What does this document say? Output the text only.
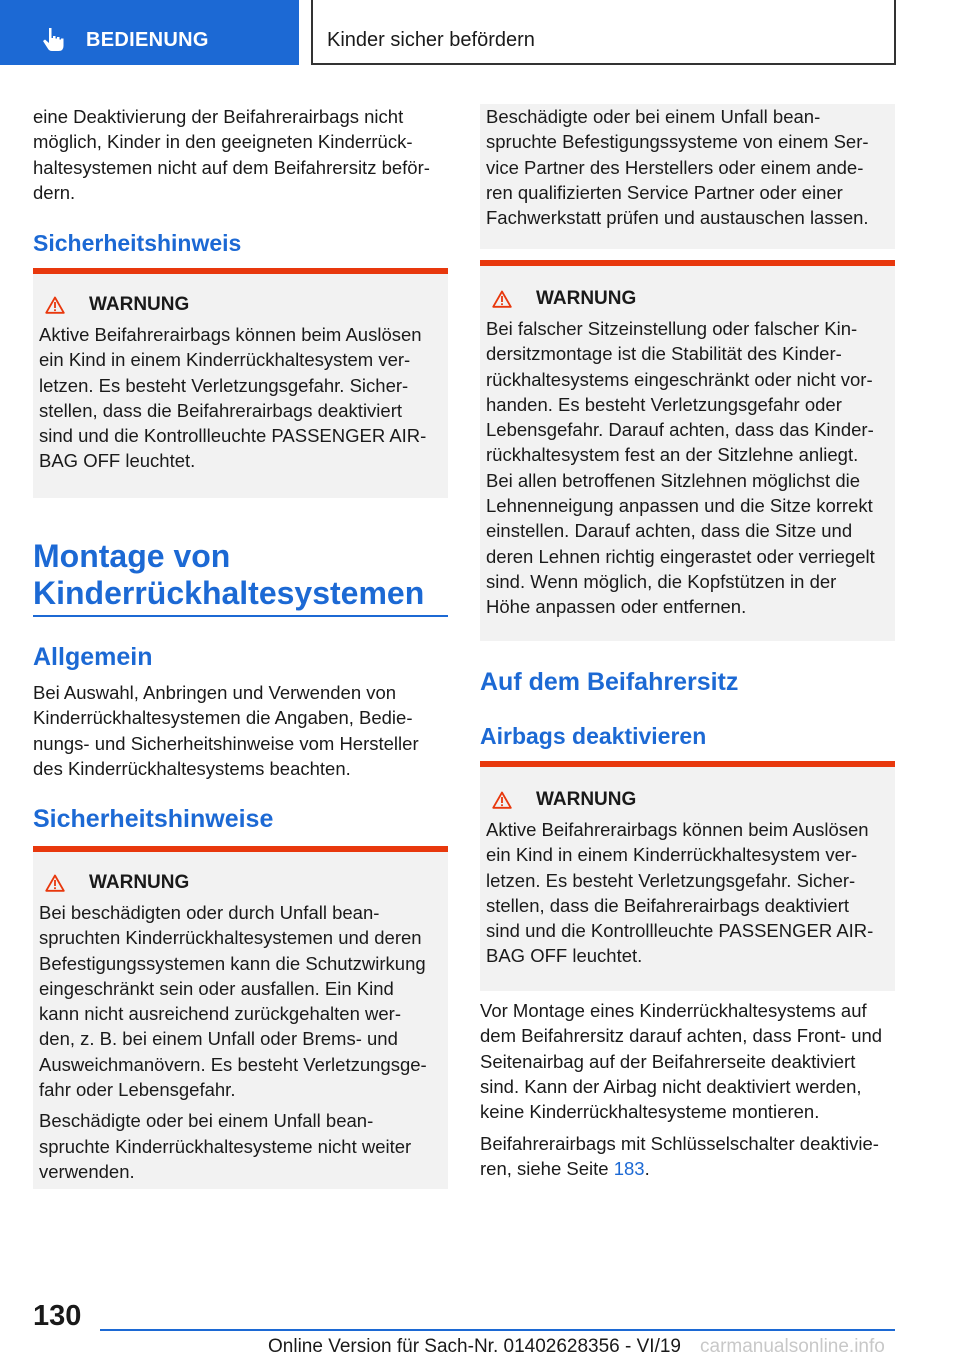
BEDIENUNG	Kinder sicher befördern
eine Deaktivierung der Beifahrerairbags nicht
möglich, Kinder in den geeigneten Kinderrück-
haltesystemen nicht auf dem Beifahrersitz beför-
dern.
Sicherheitshinweis
WARNUNG
Aktive Beifahrerairbags können beim Auslösen
ein Kind in einem Kinderrückhaltesystem ver-
letzen. Es besteht Verletzungsgefahr. Sicher-
stellen, dass die Beifahrerairbags deaktiviert
sind und die Kontrollleuchte PASSENGER AIR-
BAG OFF leuchtet.
Montage von
Kinderrückhaltesystemen
Allgemein
Bei Auswahl, Anbringen und Verwenden von
Kinderrückhaltesystemen die Angaben, Bedie-
nungs- und Sicherheitshinweise vom Hersteller
des Kinderrückhaltesystems beachten.
Sicherheitshinweise
WARNUNG

Bei beschädigten oder durch Unfall bean-
spruchten Kinderrückhaltesystemen und deren
Befestigungssystemen kann die Schutzwirkung
eingeschränkt sein oder ausfallen. Ein Kind
kann nicht ausreichend zurückgehalten wer-
den, z. B. bei einem Unfall oder Brems- und
Ausweichmanövern. Es besteht Verletzungsge-
fahr oder Lebensgefahr.

Beschädigte oder bei einem Unfall bean-
spruchte Kinderrückhaltesysteme nicht weiter
verwenden.

Beschädigte oder bei einem Unfall bean-
spruchte Befestigungssysteme von einem Ser-
vice Partner des Herstellers oder einem ande-
ren qualifizierten Service Partner oder einer
Fachwerkstatt prüfen und austauschen lassen.
WARNUNG
Bei falscher Sitzeinstellung oder falscher Kin-
dersitzmontage ist die Stabilität des Kinder-
rückhaltesystems eingeschränkt oder nicht vor-
handen. Es besteht Verletzungsgefahr oder
Lebensgefahr. Darauf achten, dass das Kinder-
rückhaltesystem fest an der Sitzlehne anliegt.
Bei allen betroffenen Sitzlehnen möglichst die
Lehnenneigung anpassen und die Sitze korrekt
einstellen. Darauf achten, dass die Sitze und
deren Lehnen richtig eingerastet oder verriegelt
sind. Wenn möglich, die Kopfstützen in der
Höhe anpassen oder entfernen.
Auf dem Beifahrersitz
Airbags deaktivieren
WARNUNG
Aktive Beifahrerairbags können beim Auslösen
ein Kind in einem Kinderrückhaltesystem ver-
letzen. Es besteht Verletzungsgefahr. Sicher-
stellen, dass die Beifahrerairbags deaktiviert
sind und die Kontrollleuchte PASSENGER AIR-
BAG OFF leuchtet.
Vor Montage eines Kinderrückhaltesystems auf
dem Beifahrersitz darauf achten, dass Front- und
Seitenairbag auf der Beifahrerseite deaktiviert
sind. Kann der Airbag nicht deaktiviert werden,
keine Kinderrückhaltesysteme montieren.
Beifahrerairbags mit Schlüsselschalter deaktivie-
ren, siehe Seite 183.
130
Online Version für Sach-Nr. 01402628356 - VI/19 carmanualsonline.info
